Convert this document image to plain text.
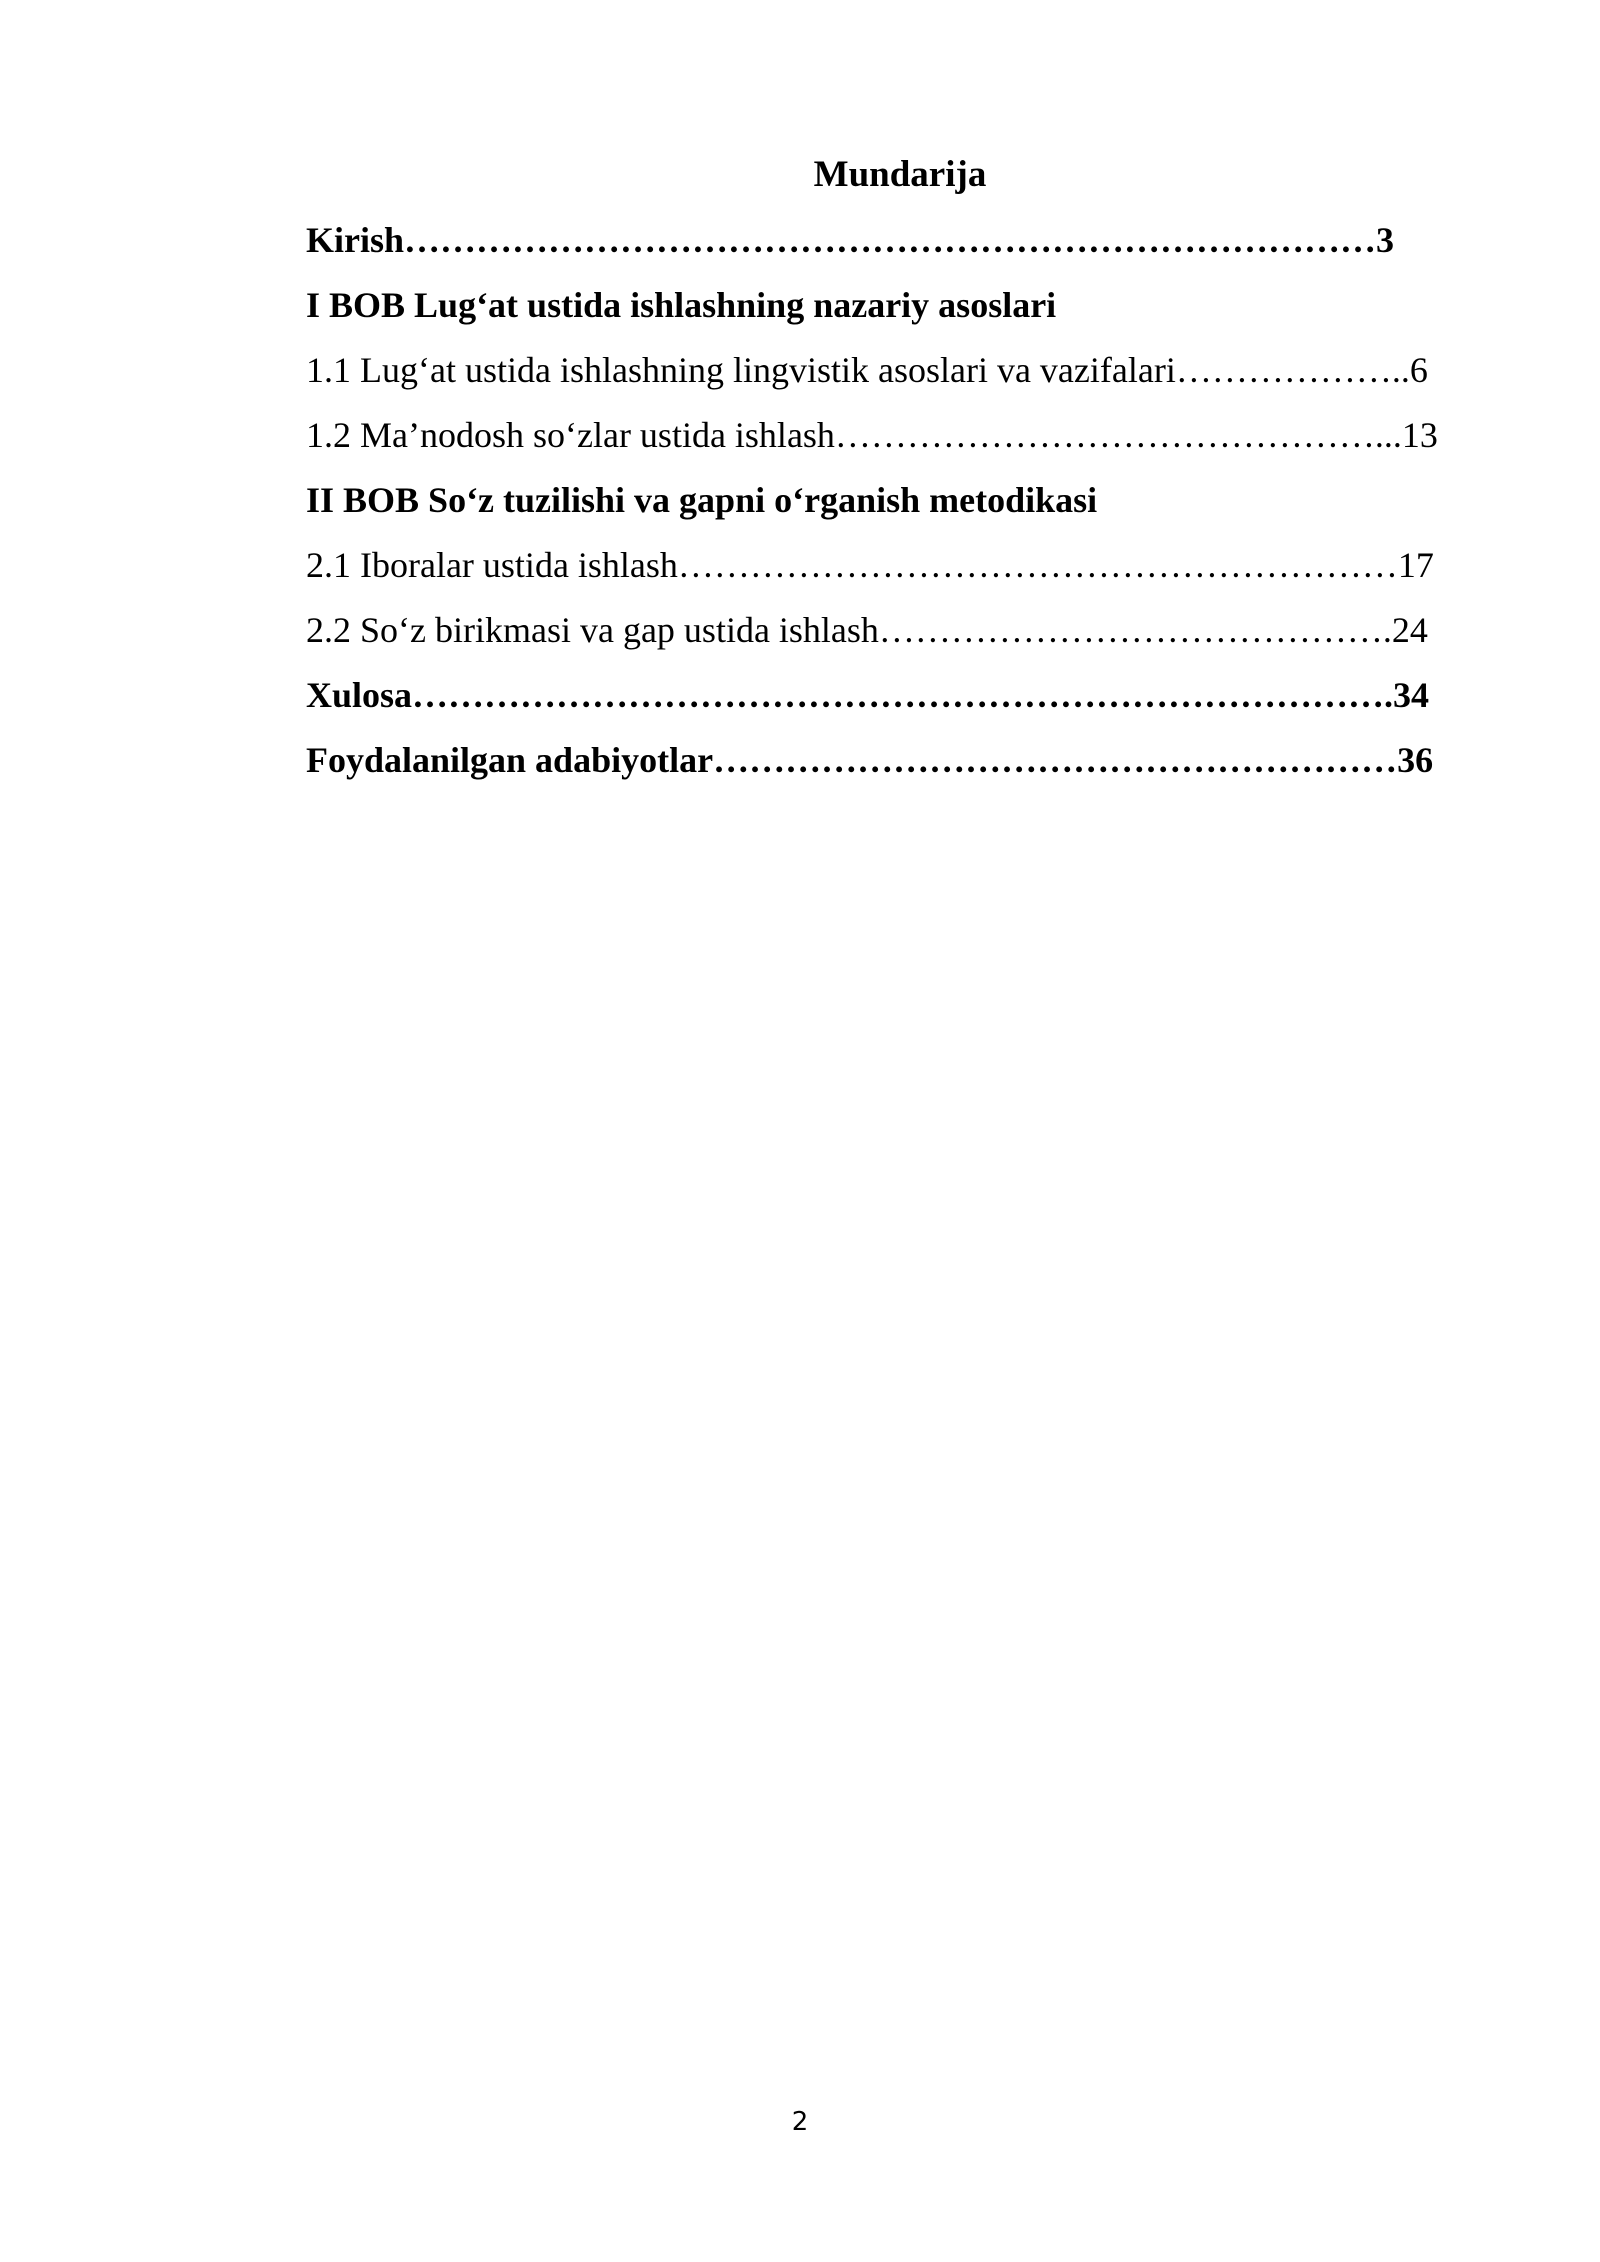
Mundarija
Kirish………………………………………………………………………3
I BOB Lug‘at ustida ishlashning nazariy asoslari
1.1 Lug‘at ustida ishlashning lingvistik asoslari va vazifalari………………..6
1.2 Ma’nodosh so‘zlar ustida ishlash………………………………………...13
II BOB So‘z tuzilishi va gapni o‘rganish metodikasi
2.1 Iboralar ustida ishlash……………………………………………………17
2.2 So‘z birikmasi va gap ustida ishlash…………………………………….24
Xulosa……………………………………………………………………….34
Foydalanilgan adabiyotlar…………………………………………………36
2
